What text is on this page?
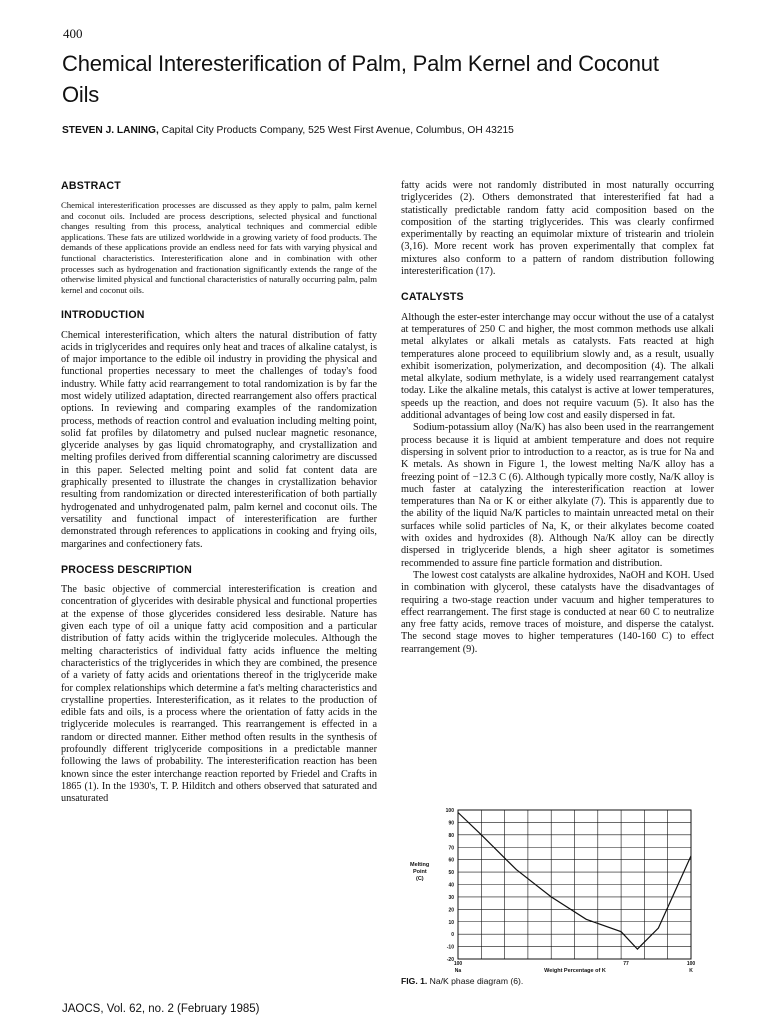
400
Chemical Interesterification of Palm, Palm Kernel and Coconut Oils
STEVEN J. LANING, Capital City Products Company, 525 West First Avenue, Columbus, OH 43215
ABSTRACT

Chemical interesterification processes are discussed as they apply to palm, palm kernel and coconut oils. Included are process descriptions, selected physical and functional changes resulting from this process, analytical techniques and commercial edible applications. These fats are utilized worldwide in a growing variety of food products. The demands of these applications provide an endless need for fats with varying physical and functional characteristics. Interesterification alone and in combination with other processes such as hydrogenation and fractionation significantly extends the range of the otherwise limited physical and functional characteristics of naturally occurring palm, palm kernel and coconut oils.

INTRODUCTION

Chemical interesterification, which alters the natural distribution of fatty acids in triglycerides and requires only heat and traces of alkaline catalyst, is of major importance to the edible oil industry in providing the physical and functional properties necessary to meet the challenges of today's food industry. While fatty acid rearrangement to total randomization is by far the most widely utilized adaptation, directed rearrangement also offers practical options. In reviewing and comparing examples of the randomization process, methods of reaction control and evaluation including melting point, solid fat profiles by dilatometry and pulsed nuclear magnetic resonance, glyceride analyses by gas liquid chromatography, and crystallization and melting profiles derived from differential scanning calorimetry are discussed in this paper. Selected melting point and solid fat content data are graphically presented to illustrate the changes in crystallization behavior resulting from randomization or directed interesterification of both partially hydrogenated and unhydrogenated palm, palm kernel and coconut oils. The versatility and functional impact of interesterification are further demonstrated through references to applications in cooking and frying oils, margarines and confectionery fats.

PROCESS DESCRIPTION

The basic objective of commercial interesterification is creation and concentration of glycerides with desirable physical and functional properties at the expense of those glycerides considered less desirable. Nature has given each type of oil a unique fatty acid composition and a particular distribution of fatty acids within the triglyceride molecules. Although the melting characteristics of individual fatty acids influence the melting characteristics of the triglycerides in which they are combined, the presence of a variety of fatty acids and orientations thereof in the triglyceride make for complex relationships which determine a fat's melting characteristics and crystalline properties. Interesterification, as it relates to the production of edible fats and oils, is a process where the orientation of fatty acids in the triglyceride molecules is rearranged. This rearrangement is effected in a random or directed manner. Either method often results in the synthesis of profoundly different triglyceride compositions in a predictable manner following the laws of probability. The interesterification reaction has been known since the ester interchange reaction reported by Friedel and Crafts in 1865 (1). In the 1930's, T. P. Hilditch and others observed that saturated and unsaturated

fatty acids were not randomly distributed in most naturally occurring triglycerides (2). Others demonstrated that interesterified fat had a statistically predictable random fatty acid composition based on the composition of the starting triglycerides. This was clearly confirmed experimentally by reacting an equimolar mixture of tristearin and triolein (3,16). More recent work has proven experimentally that complex fat mixtures also conform to a pattern of random distribution following interesterification (17).

CATALYSTS

Although the ester-ester interchange may occur without the use of a catalyst at temperatures of 250 C and higher, the most common methods use alkali metal alkylates or alkali metals as catalysts. Fats reacted at high temperatures alone proceed to equilibrium slowly and, as a result, usually exhibit isomerization, polymerization, and decomposition (4). The alkali metal alkylate, sodium methylate, is a widely used rearrangement catalyst today. Like the alkaline metals, this catalyst is active at lower temperatures, speeds up the reaction, and does not require vacuum (5). It also has the additional advantages of being low cost and easily dispersed in fat.

Sodium-potassium alloy (Na/K) has also been used in the rearrangement process because it is liquid at ambient temperature and does not require dispersing in solvent prior to introduction to a reactor, as is true for Na and K metals. As shown in Figure 1, the lowest melting Na/K alloy has a freezing point of −12.3 C (6). Although typically more costly, Na/K alloy is much faster at catalyzing the interesterification reaction at lower temperatures than Na or K or either alkylate (7). This is apparently due to the ability of the liquid Na/K particles to maintain unreacted metal on their surfaces while solid particles of Na, K, or their alkylates become coated with oxides and hydroxides (8). Although Na/K alloy can be directly dispersed in triglyceride blends, a high sheer agitator is sometimes recommended to assure fine particle formation and distribution.

The lowest cost catalysts are alkaline hydroxides, NaOH and KOH. Used in combination with glycerol, these catalysts have the disadvantages of requiring a two-stage reaction under vacuum and higher temperatures to effect rearrangement. The first stage is conducted at near 60 C to neutralize any free fatty acids, remove traces of moisture, and disperse the catalyst. The second stage moves to higher temperatures (140-160 C) to effect rearrangement (9).

100
90
80
70
60
50
40
30
20
10
0
-10
-20
Melting
Point
(C)
100
Na
77	100
K
Weight Percentage of K
FIG. 1. Na/K phase diagram (6).
JAOCS, Vol. 62, no. 2 (February 1985)
